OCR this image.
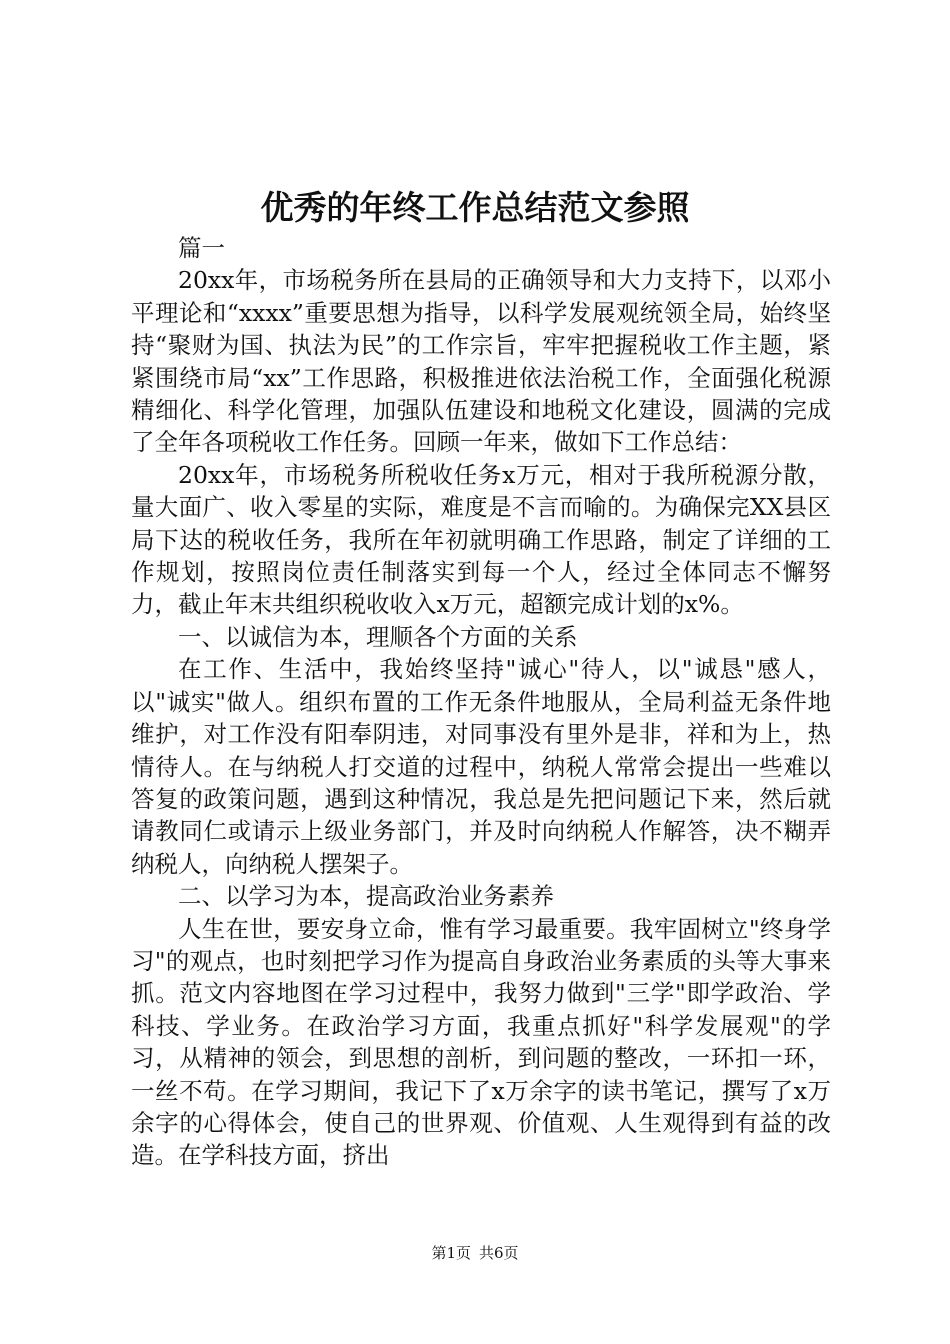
优秀的年终工作总结范文参照

篇一

20xx年，市场税务所在县局的正确领导和大力支持下，以邓小平理论和“xxxx”重要思想为指导，以科学发展观统领全局，始终坚持“聚财为国、执法为民”的工作宗旨，牢牢把握税收工作主题，紧紧围绕市局“xx”工作思路，积极推进依法治税工作，全面强化税源精细化、科学化管理，加强队伍建设和地税文化建设，圆满的完成了全年各项税收工作任务。回顾一年来，做如下工作总结：

20xx年，市场税务所税收任务x万元，相对于我所税源分散，量大面广、收入零星的实际，难度是不言而喻的。为确保完XX县区局下达的税收任务，我所在年初就明确工作思路，制定了详细的工作规划，按照岗位责任制落实到每一个人，经过全体同志不懈努力，截止年末共组织税收收入x万元，超额完成计划的x%。

一、以诚信为本，理顺各个方面的关系

在工作、生活中，我始终坚持"诚心"待人，以"诚恳"感人，以"诚实"做人。组织布置的工作无条件地服从，全局利益无条件地维护，对工作没有阳奉阴违，对同事没有里外是非，祥和为上，热情待人。在与纳税人打交道的过程中，纳税人常常会提出一些难以答复的政策问题，遇到这种情况，我总是先把问题记下来，然后就请教同仁或请示上级业务部门，并及时向纳税人作解答，决不糊弄纳税人，向纳税人摆架子。

二、以学习为本，提高政治业务素养

人生在世，要安身立命，惟有学习最重要。我牢固树立"终身学习"的观点，也时刻把学习作为提高自身政治业务素质的头等大事来抓。范文内容地图在学习过程中，我努力做到"三学"即学政治、学科技、学业务。在政治学习方面，我重点抓好"科学发展观"的学习，从精神的领会，到思想的剖析，到问题的整改，一环扣一环，一丝不苟。在学习期间，我记下了x万余字的读书笔记，撰写了x万余字的心得体会，使自己的世界观、价值观、人生观得到有益的改造。在学科技方面，挤出

第1页 共6页
